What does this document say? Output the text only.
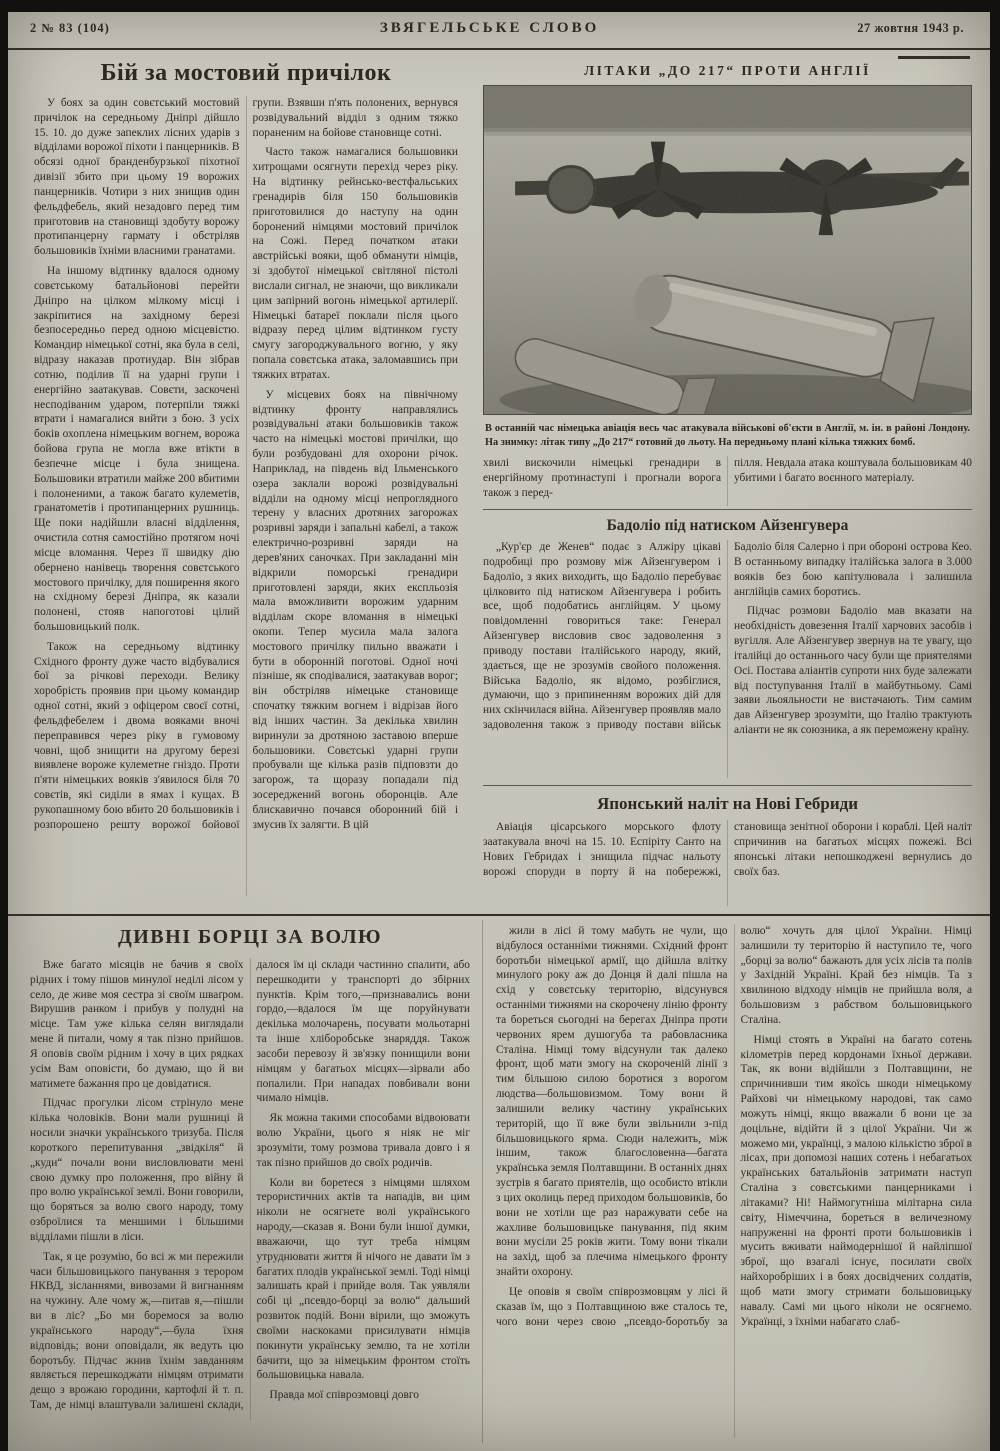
2 № 83 (104)	ЗВЯГЕЛЬСЬКЕ СЛОВО	27 жовтня 1943 р.
Бій за мостовий причілок

У боях за один совєтський мостовий причілок на середньому Дніпрі дійшло 15. 10. до дуже запеклих лісних ударів з відділами ворожої піхоти і панцерників. В обсязі одної бранденбурзької піхотної дивізії збито при цьому 19 ворожих панцерників. Чотири з них знищив один фельдфебель, який незадовго перед тим приготовив на становищі здобуту ворожу протипанцерну гармату і обстріляв большовиків їхніми власними гранатами.

На іншому відтинку вдалося одному совєтському батальйонові перейти Дніпро на цілком мілкому місці і закріпитися на західному березі безпосередньо перед одною місцевістю. Командир німецької сотні, яка була в селі, відразу наказав протиудар. Він зібрав сотню, поділив її на ударні групи і енергійно заатакував. Совєти, заскочені несподіваним ударом, потерпіли тяжкі втрати і намагалися вийти з бою. З усіх боків охоплена німецьким вогнем, ворожа бойова група не могла вже втікти в безпечне місце і була знищена. Большовики втратили майже 200 вбитими і полоненими, а також багато кулеметів, гранатометів і протипанцерних рушниць. Ще поки надійшли власні відділення, очистила сотня самостійно протягом ночі місце вломання. Через її швидку дію обернено нанівець творення совєтського мостового причілку, для поширення якого на східному березі Дніпра, як казали полонені, стояв напоготові цілий большовицький полк.

Також на середньому відтинку Східного фронту дуже часто відбувалися бої за річкові переходи. Велику хоробрість проявив при цьому командир одної сотні, який з офіцером своєї сотні, фельдфебелем і двома вояками вночі переправився через ріку в гумовому човні, щоб знищити на другому березі виявлене вороже кулеметне гніздо. Проти п'яти німецьких вояків з'явилося біля 70 совєтів, які сиділи в ямах і кущах. В рукопашному бою вбито 20 большовиків і розпорошено решту ворожої бойової групи. Взявши п'ять полонених, вернувся розвідувальний відділ з одним тяжко пораненим на бойове становище сотні.

Часто також намагалися большовики хитрощами осягнути перехід через ріку. На відтинку рейнсько-вестфальських гренадирів біля 150 большовиків приготовилися до наступу на один боронений німцями мостовий причілок на Сожі. Перед початком атаки австрійські вояки, щоб обманути німців, зі здобутої німецької світляної пістолі вислали сигнал, не знаючи, що викликали цим запірний вогонь німецької артилерії. Німецькі батареї поклали після цього відразу перед цілим відтинком густу смугу загороджувального вогню, у яку попала совєтська атака, заломавшись при тяжких втратах.

У місцевих боях на північному відтинку фронту направлялись розвідувальні атаки большовиків також часто на німецькі мостові причілки, що були розбудовані для охорони річок. Наприклад, на південь від Ільменського озера заклали ворожі розвідувальні відділи на одному місці непроглядного терену у власних дротяних загорожах розривні заряди і запальні кабелі, а також електрично-розривні заряди на дерев'яних саночках. При закладанні мін відкрили поморські гренадири приготовлені заряди, яких експльозія мала вможливити ворожим ударним відділам скоре вломання в німецькі окопи. Тепер мусила мала залога мостового причілку пильно вважати і бути в оборонній поготові. Одної ночі пізніше, як сподівалися, заатакував ворог; він обстріляв німецьке становище спочатку тяжким вогнем і відрізав його від інших частин. За декілька хвилин виринули за дротяною заставою вперше большовики. Совєтські ударні групи пробували ще кілька разів підповзти до загорож, та щоразу попадали під зосереджений вогонь оборонців. Але блискавично почався оборонний бій і змусив їх залягти. В цій

ЛІТАКИ „ДО 217“ ПРОТИ АНГЛІЇ

В останній час німецька авіація весь час атакувала військові об'єкти в Англії, м. ін. в районі Лондону. На знимку: літак типу „До 217“ готовий до льоту. На передньому плані кілька тяжких бомб.

хвилі вискочили німецькі гренадири в енергійному протинаступі і прогнали ворога також з перед-

пілля. Невдала атака коштувала большовикам 40 убитими і багато воєнного матеріалу.

Бадоліо під натиском Айзенгувера

„Кур'єр де Женев“ подає з Алжіру цікаві подробиці про розмову між Айзенгувером і Бадоліо, з яких виходить, що Бадоліо перебуває цілковито під натиском Айзенгувера і робить все, щоб подобатись англійцям. У цьому повідомленні говориться таке: Генерал Айзенгувер висловив своє задоволення з приводу постави італійського народу, який, здається, ще не зрозумів свойого положення. Війська Бадоліо, як відомо, розбіглися, думаючи, що з припиненням ворожих дій для них скінчилася війна. Айзенгувер проявляв мало задоволення також з приводу постави військ Бадоліо біля Салерно і при обороні острова Кео. В останньому випадку італійська залога в 3.000 вояків без бою капітулювала і залишила англійців самих боротись.

Підчас розмови Бадоліо мав вказати на необхідність довезення Італії харчових засобів і вугілля. Але Айзенгувер звернув на те увагу, що італійці до останнього часу були ще приятелями Осі. Постава аліантів супроти них буде залежати від поступування Італії в майбутньому. Самі заяви льояльности не вистачають. Тим самим дав Айзенгувер зрозуміти, що Італію трактують аліанти не як союзника, а як переможену країну.

Японський наліт на Нові Гебриди

Авіація цісарського морського флоту заатакувала вночі на 15. 10. Еспіріту Санто на Нових Гебридах і знищила підчас нальоту ворожі споруди в порту й на побережжі, становища зенітної оборони і кораблі. Цей наліт спричинив на багатьох місцях пожежі. Всі японські літаки непошкоджені вернулись до своїх баз.

ДИВНІ БОРЦІ ЗА ВОЛЮ

Вже багато місяців не бачив я своїх рідних і тому пішов минулої неділі лісом у село, де живе моя сестра зі своїм шваґром. Вирушив ранком і прибув у полудні на місце. Там уже кілька селян виглядали мене й питали, чому я так пізно прийшов. Я оповів своїм рідним і хочу в цих рядках усім Вам оповісти, бо думаю, що й ви матимете бажання про це довідатися.

Підчас прогулки лісом стрінуло мене кілька чоловіків. Вони мали рушниці й носили значки українського тризуба. Після короткого перепитування „звідкіля“ й „куди“ почали вони висловлювати мені свою думку про положення, про війну й про волю української землі. Вони говорили, що боряться за волю свого народу, тому озброїлися та меншими і більшими відділами пішли в ліси.

Так, я це розумію, бо всі ж ми пережили часи більшовицького панування з терором НКВД, зісланнями, вивозами й вигнанням на чужину. Але чому ж,—питав я,—пішли ви в ліс? „Бо ми боремося за волю українського народу“,—була їхня відповідь; вони оповідали, як ведуть цю боротьбу. Підчас жнив їхнім завданням являється перешкоджати німцям отримати дещо з врожаю городини, картофлі й т. п. Там, де німці влаштували залишені склади, далося їм ці склади частинно спалити, або перешкодити у транспорті до збірних пунктів. Крім того,—признавались вони гордо,—вдалося їм ще поруйнувати декілька молочарень, посувати мольотарні та інше хліборобське знаряддя. Також засоби перевозу й зв'язку понищили вони німцям у багатьох місцях—зірвали або попалили. При нападах повбивали вони чимало німців.

Як можна такими способами відвоювати волю України, цього я ніяк не міг зрозуміти, тому розмова тривала довго і я так пізно прийшов до своїх родичів.

Коли ви боретеся з німцями шляхом терористичних актів та нападів, ви цим ніколи не осягнете волі українського народу,—сказав я. Вони були іншої думки, вважаючи, що тут треба німцям утруднювати життя й нічого не давати їм з багатих плодів української землі. Тоді німці залишать край і прийде воля. Так уявляли собі ці „псевдо-борці за волю“ дальший розвиток подій. Вони вірили, що зможуть своїми наскоками присилувати німців покинути українську землю, та не хотіли бачити, що за німецьким фронтом стоїть большовицька навала.

Правда мої співрозмовці довго

жили в лісі й тому мабуть не чули, що відбулося останніми тижнями. Східний фронт боротьби німецької армії, що дійшла влітку минулого року аж до Донця й далі пішла на схід у совєтську територію, відсунувся останніми тижнями на скорочену лінію фронту та бореться сьогодні на берегах Дніпра проти червоних ярем душогуба та рабовласника Сталіна. Німці тому відсунули так далеко фронт, щоб мати змогу на скороченій лінії з тим більшою силою боротися з ворогом людства—большовизмом. Тому вони й залишили велику частину українських територій, що її вже були звільнили з-під більшовицького ярма. Сюди належить, між іншим, також благословенна—багата українська земля Полтавщини. В останніх днях зустрів я багато приятелів, що особисто втікли з цих околиць перед приходом большовиків, бо вони не хотіли ще раз наражувати себе на жахливе большовицьке панування, під яким вони мусіли 25 років жити. Тому вони тікали на захід, щоб за плечима німецького фронту знайти охорону.

Це оповів я своїм співрозмовцям у лісі й сказав їм, що з Полтавщиною вже сталось те, чого вони через свою „псевдо-боротьбу за волю“ хочуть для цілої України. Німці залишили ту територію й наступило те, чого „борці за волю“ бажають для усіх лісів та полів у Західній Україні. Край без німців. Та з хвилиною відходу німців не прийшла воля, а большовизм з рабством большовицького Сталіна.

Німці стоять в Україні на багато сотень кілометрів перед кордонами їхньої держави. Так, як вони відійшли з Полтавщини, не спричинивши тим якоїсь шкоди німецькому Райхові чи німецькому народові, так само можуть німці, якщо вважали б вони це за доцільне, відійти й з цілої України. Чи ж можемо ми, українці, з малою кількістю зброї в лісах, при допомозі наших сотень і небагатьох українських батальйонів затримати наступ Сталіна з совєтськими панцерниками і літаками? Ні! Наймогутніша мілітарна сила світу, Німеччина, бореться в величезному напруженні на фронті проти большовиків і мусить вживати наймодернішої й найліпшої зброї, що взагалі існує, посилати своїх найхоробріших і в боях досвідчених солдатів, щоб мати змогу стримати большовицьку навалу. Самі ми цього ніколи не осягнемо. Українці, з їхніми набагато слаб-
